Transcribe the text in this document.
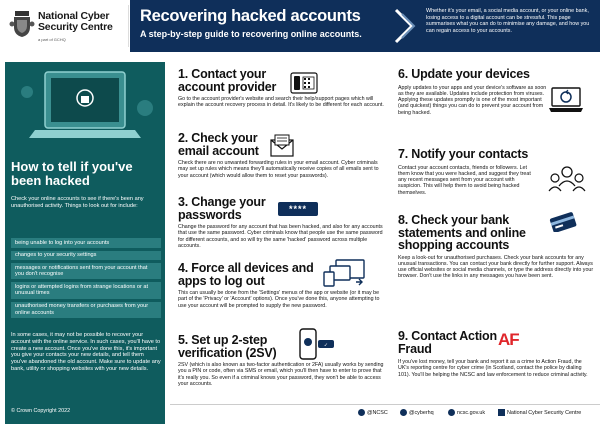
National Cyber
Security Centre
a part of GCHQ
Recovering hacked accounts
A step-by-step guide to recovering online accounts.
Whether it's your email, a social media account, or your online bank, losing access to a digital account can be stressful. This page summarises what you can do to minimise any damage, and how you can regain access to your accounts.
How to tell if you've been hacked
Check your online accounts to see if there's been any unauthorised activity. Things to look out for include:
being unable to log into your accounts
changes to your security settings
messages or notifications sent from your account that you don't recognise
logins or attempted logins from strange locations or at unusual times
unauthorised money transfers or purchases from your online accounts
In some cases, it may not be possible to recover your account with the online service. In such cases, you'll have to create a new account. Once you've done this, it's important you give your contacts your new details, and tell them you've abandoned the old account. Make sure to update any bank, utility or shopping websites with your new details.
© Crown Copyright 2022
1. Contact your account provider
Go to the account provider's website and search their help/support pages which will explain the account recovery process in detail. It's likely to be different for each account.
2. Check your email account
Check there are no unwanted forwarding rules in your email account. Cyber criminals may set up rules which means they'll automatically receive copies of all emails sent to your account (which would allow them to reset your passwords).
3. Change your passwords
Change the password for any account that has been hacked, and also for any accounts that use the same password. Cyber criminals know that people use the same password for different accounts, and so will try the same 'hacked' password across multiple accounts.
****
4. Force all devices and apps to log out
This can usually be done from the 'Settings' menus of the app or website (or it may be part of the 'Privacy' or 'Account' options). Once you've done this, anyone attempting to use your account will be prompted to supply the new password.
5. Set up 2-step verification (2SV)
2SV (which is also known as two-factor authentication or 2FA) usually works by sending you a PIN or code, often via SMS or email, which you'll then have to enter to prove that it's really you. So even if a criminal knows your password, they won't be able to access your accounts.
✓
6. Update your devices
Apply updates to your apps and your device's software as soon as they are available. Updates include protection from viruses. Applying these updates promptly is one of the most important (and quickest) things you can do to prevent your account from being hacked.
7. Notify your contacts
Contact your account contacts, friends or followers. Let them know that you were hacked, and suggest they treat any recent messages sent from your account with suspicion. This will help them to avoid being hacked themselves.
8. Check your bank statements and online shopping accounts
Keep a look-out for unauthorised purchases. Check your bank accounts for any unusual transactions. You can contact your bank directly for further support. Always use official websites or social media channels, or type the address directly into your browser. Don't use the links in any messages you have been sent.
9. Contact Action Fraud
If you've lost money, tell your bank and report it as a crime to Action Fraud, the UK's reporting centre for cyber crime (in Scotland, contact the police by dialing 101). You'll be helping the NCSC and law enforcement to reduce criminal activity.
AF
@NCSC	@cyberhq	ncsc.gov.uk	National Cyber Security Centre
